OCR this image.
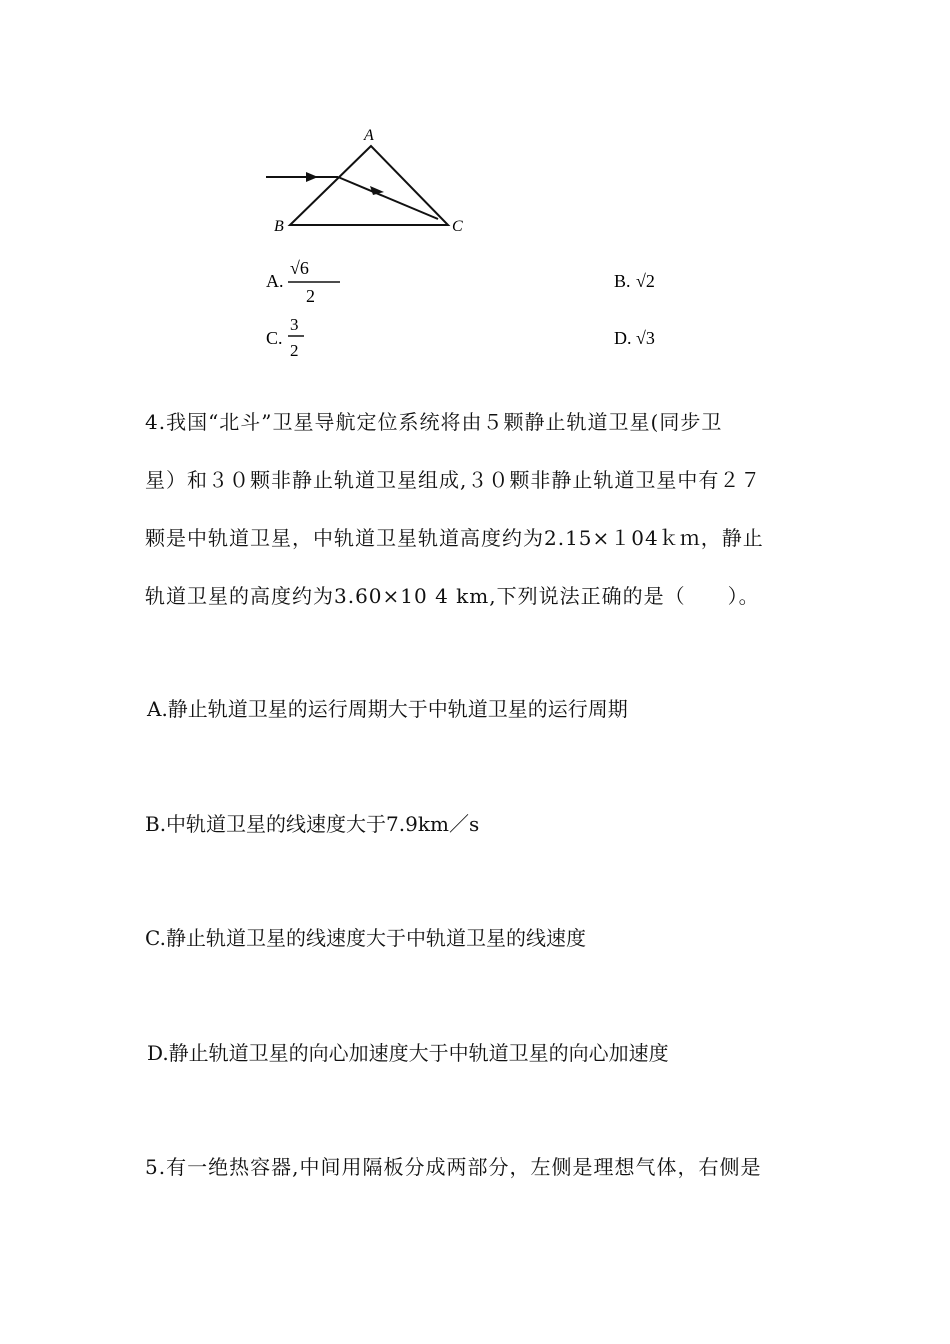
A
B	C
A.
√6
2
B. √2
C.
3
2
D. √3
4.我国“北斗”卫星导航定位系统将由５颗静止轨道卫星(同步卫
星）和３０颗非静止轨道卫星组成,３０颗非静止轨道卫星中有２７
颗是中轨道卫星，中轨道卫星轨道高度约为2.15×１04ｋｍ，静止
轨道卫星的高度约为3.60×10 4 km,下列说法正确的是（　　）。
A.静止轨道卫星的运行周期大于中轨道卫星的运行周期
B.中轨道卫星的线速度大于7.9km／s
C.静止轨道卫星的线速度大于中轨道卫星的线速度
D.静止轨道卫星的向心加速度大于中轨道卫星的向心加速度
5.有一绝热容器,中间用隔板分成两部分，左侧是理想气体，右侧是
